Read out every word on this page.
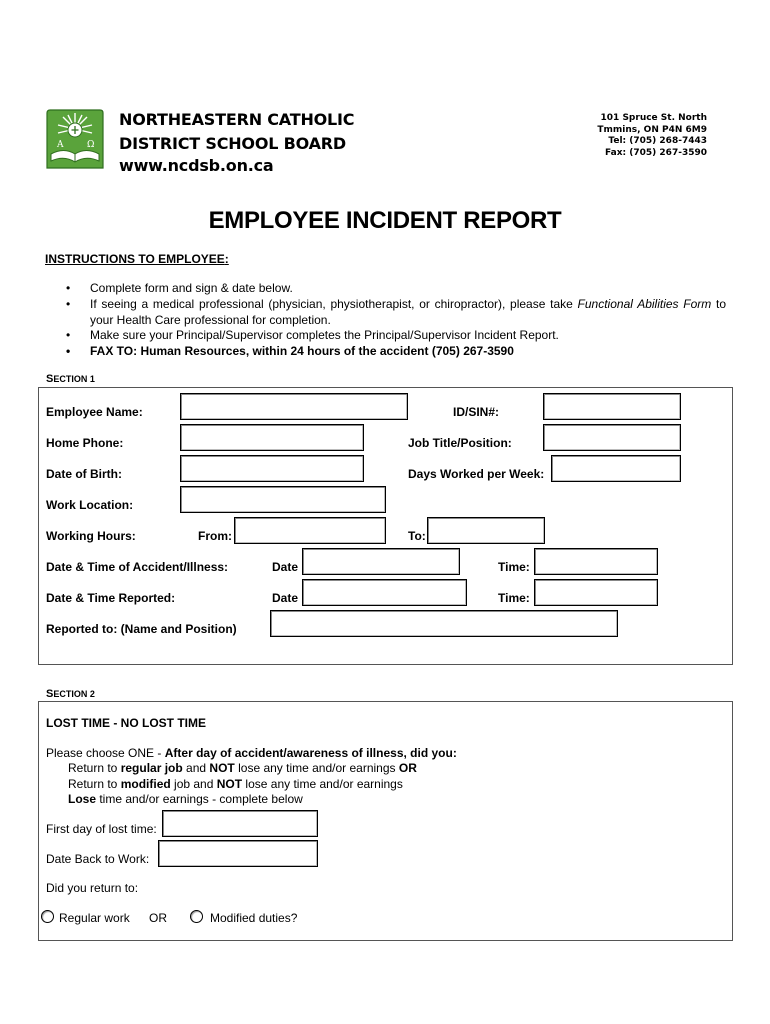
A	Ω
NORTHEASTERN CATHOLIC
DISTRICT SCHOOL BOARD
www.ncdsb.on.ca
101 Spruce St. North
Tmmins, ON P4N 6M9
Tel: (705) 268-7443
Fax: (705) 267-3590
EMPLOYEE INCIDENT REPORT
INSTRUCTIONS TO EMPLOYEE:
• Complete form and sign & date below.
• If seeing a medical professional (physician, physiotherapist, or chiropractor), please take Functional Abilities Form to your Health Care professional for completion.
• Make sure your Principal/Supervisor completes the Principal/Supervisor Incident Report.
• FAX TO: Human Resources, within 24 hours of the accident (705) 267-3590
SECTION 1
Employee Name:	ID/SIN#:
Home Phone:	Job Title/Position:
Date of Birth:	Days Worked per Week:
Work Location:
Working Hours:	From:	To:
Date & Time of Accident/Illness:	Date	Time:
Date & Time Reported:	Date	Time:
Reported to: (Name and Position)
SECTION 2
LOST TIME - NO LOST TIME
Please choose ONE - After day of accident/awareness of illness, did you:
Return to regular job and NOT lose any time and/or earnings OR
Return to modified job and NOT lose any time and/or earnings
Lose time and/or earnings - complete below
First day of lost time:
Date Back to Work:
Did you return to:
Regular work OR	Modified duties?
